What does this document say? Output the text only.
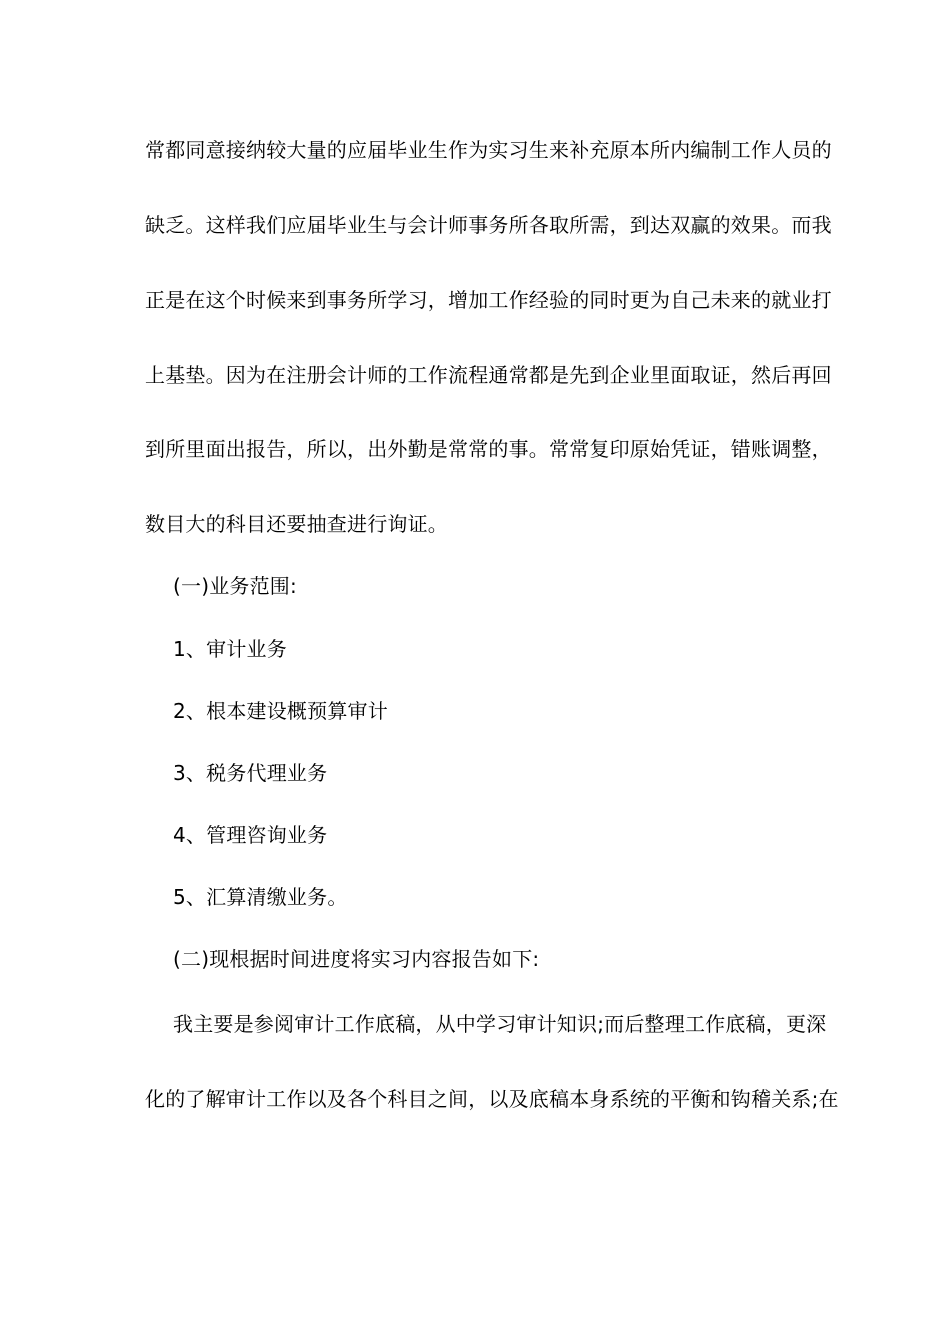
常都同意接纳较大量的应届毕业生作为实习生来补充原本所内编制工作人员的
缺乏。这样我们应届毕业生与会计师事务所各取所需，到达双赢的效果。而我
正是在这个时候来到事务所学习，增加工作经验的同时更为自己未来的就业打
上基垫。因为在注册会计师的工作流程通常都是先到企业里面取证，然后再回
到所里面出报告，所以，出外勤是常常的事。常常复印原始凭证，错账调整，
数目大的科目还要抽查进行询证。
(一)业务范围:
1、审计业务
2、根本建设概预算审计
3、税务代理业务
4、管理咨询业务
5、汇算清缴业务。
(二)现根据时间进度将实习内容报告如下:
我主要是参阅审计工作底稿，从中学习审计知识;而后整理工作底稿，更深
化的了解审计工作以及各个科目之间，以及底稿本身系统的平衡和钩稽关系;在
